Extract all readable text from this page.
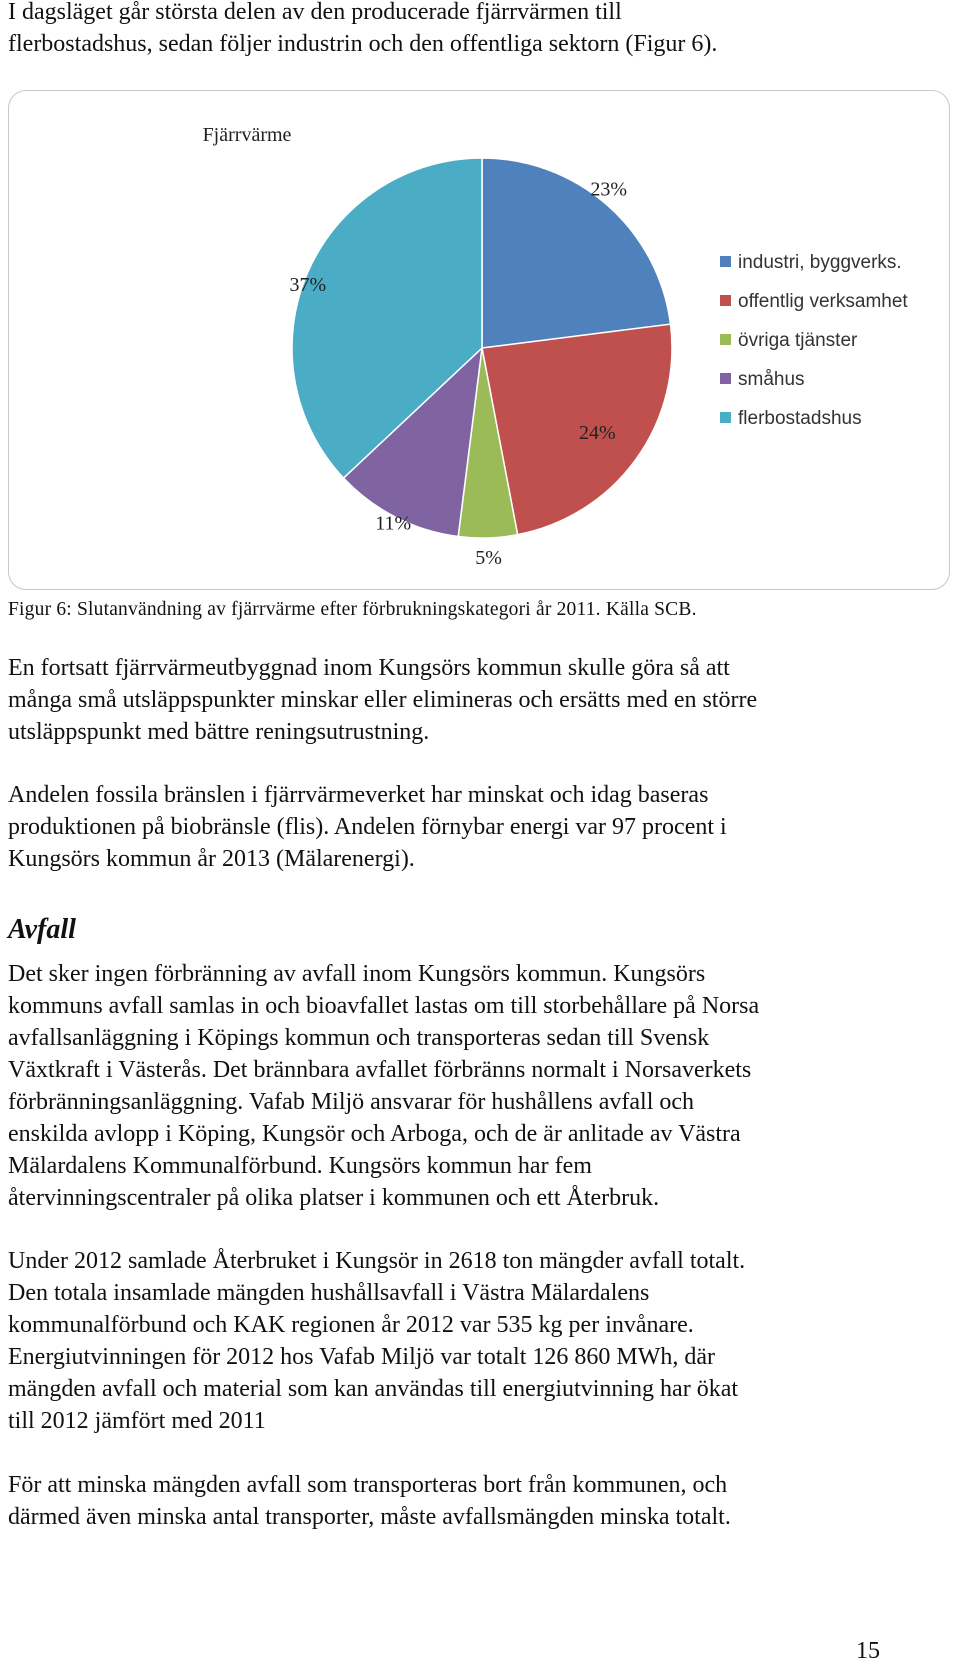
I dagsläget går största delen av den producerade fjärrvärmen till
flerbostadshus, sedan följer industrin och den offentliga sektorn (Figur 6).

Fjärrvärme
23%
24%
5%
11%
37%
industri, byggverks.
offentlig verksamhet
övriga tjänster
småhus
flerbostadshus

Figur 6: Slutanvändning av fjärrvärme efter förbrukningskategori år 2011. Källa SCB.

En fortsatt fjärrvärmeutbyggnad inom Kungsörs kommun skulle göra så att
många små utsläppspunkter minskar eller elimineras och ersätts med en större
utsläppspunkt med bättre reningsutrustning.

Andelen fossila bränslen i fjärrvärmeverket har minskat och idag baseras
produktionen på biobränsle (flis). Andelen förnybar energi var 97 procent i
Kungsörs kommun år 2013 (Mälarenergi).

Avfall

Det sker ingen förbränning av avfall inom Kungsörs kommun. Kungsörs
kommuns avfall samlas in och bioavfallet lastas om till storbehållare på Norsa
avfallsanläggning i Köpings kommun och transporteras sedan till Svensk
Växtkraft i Västerås. Det brännbara avfallet förbränns normalt i Norsaverkets
förbränningsanläggning. Vafab Miljö ansvarar för hushållens avfall och
enskilda avlopp i Köping, Kungsör och Arboga, och de är anlitade av Västra
Mälardalens Kommunalförbund. Kungsörs kommun har fem
återvinningscentraler på olika platser i kommunen och ett Återbruk.

Under 2012 samlade Återbruket i Kungsör in 2618 ton mängder avfall totalt.
Den totala insamlade mängden hushållsavfall i Västra Mälardalens
kommunalförbund och KAK regionen år 2012 var 535 kg per invånare.
Energiutvinningen för 2012 hos Vafab Miljö var totalt 126 860 MWh, där
mängden avfall och material som kan användas till energiutvinning har ökat
till 2012 jämfört med 2011

För att minska mängden avfall som transporteras bort från kommunen, och
därmed även minska antal transporter, måste avfallsmängden minska totalt.

15
